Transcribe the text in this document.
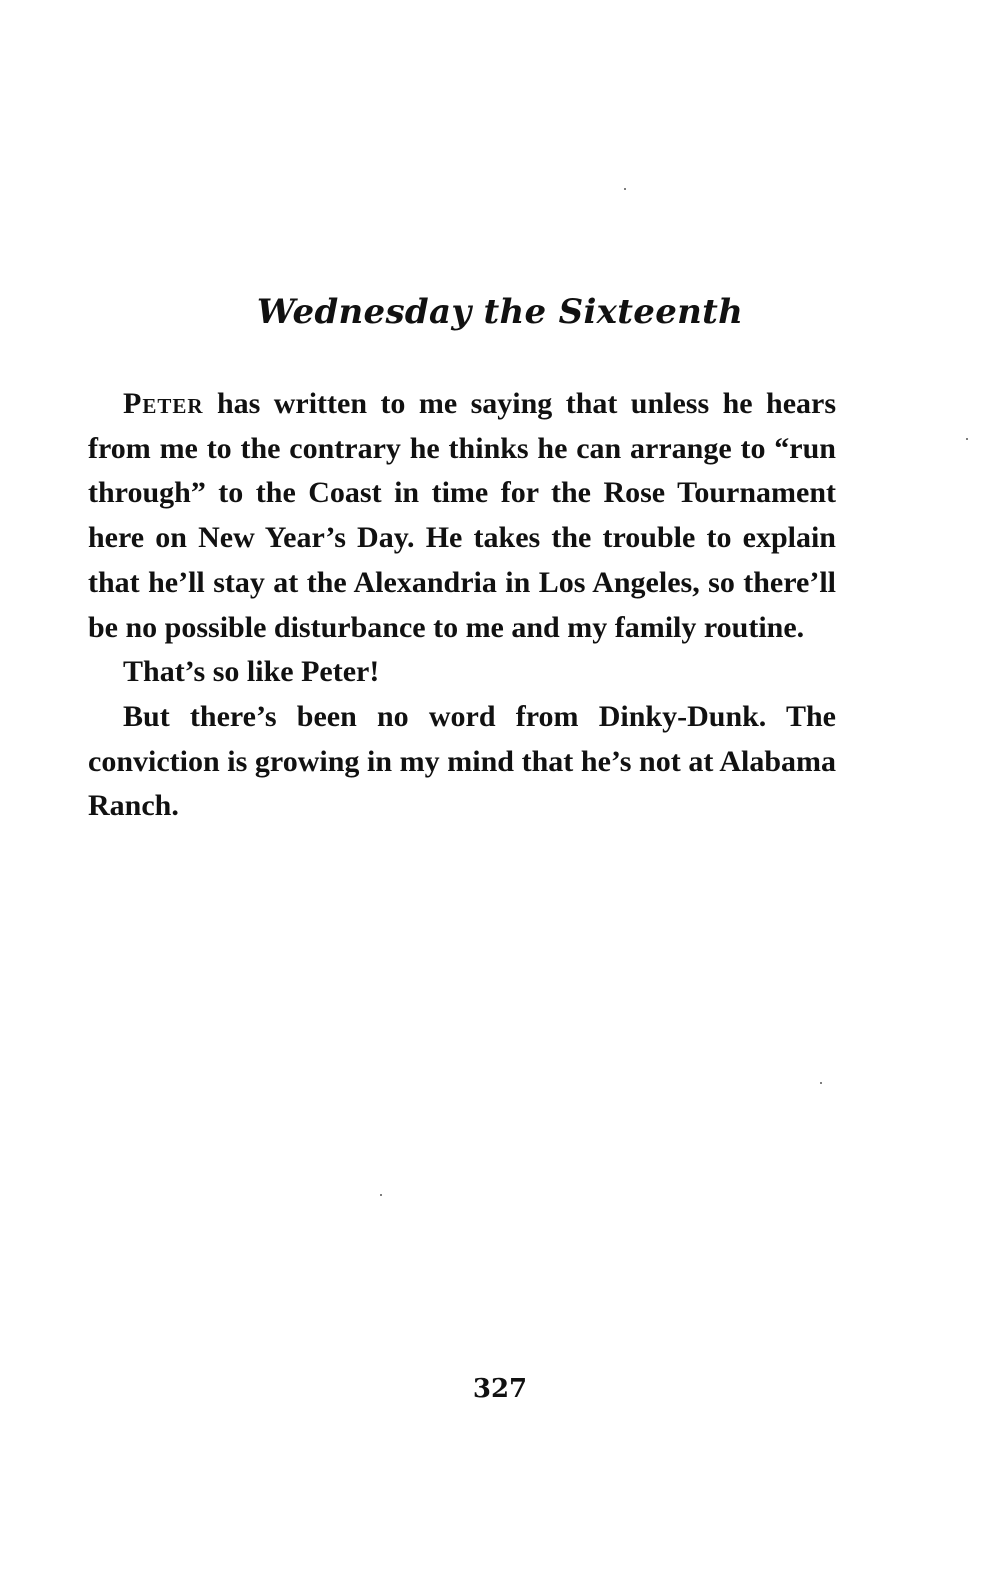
Wednesday the Sixteenth

Peter has written to me saying that unless he hears from me to the contrary he thinks he can arrange to “run through” to the Coast in time for the Rose Tournament here on New Year’s Day. He takes the trouble to explain that he’ll stay at the Alexandria in Los Angeles, so there’ll be no possible disturbance to me and my family routine.

That’s so like Peter!

But there’s been no word from Dinky-Dunk. The conviction is growing in my mind that he’s not at Alabama Ranch.

327
